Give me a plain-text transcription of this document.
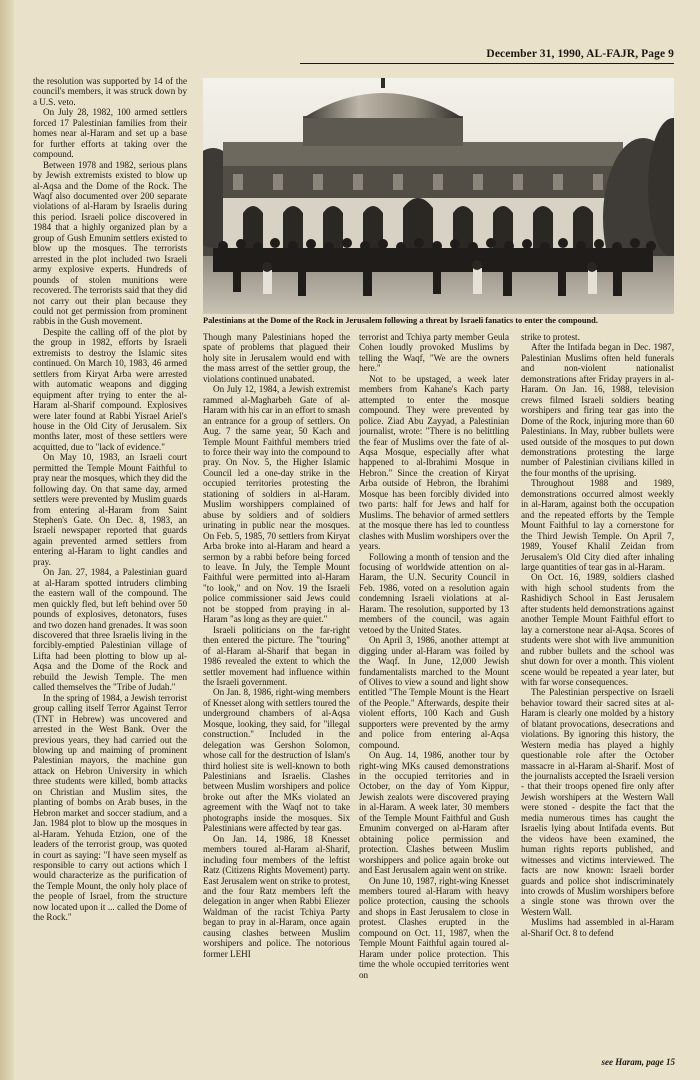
December 31, 1990, AL-FAJR, Page 9

the resolution was supported by 14 of the council's members, it was struck down by a U.S. veto.

On July 28, 1982, 100 armed settlers forced 17 Palestinian families from their homes near al-Haram and set up a base for further efforts at taking over the compound.

Between 1978 and 1982, serious plans by Jewish extremists existed to blow up al-Aqsa and the Dome of the Rock. The Waqf also documented over 200 separate violations of al-Haram by Israelis during this period. Israeli police discovered in 1984 that a highly organized plan by a group of Gush Emunim settlers existed to blow up the mosques. The terrorists arrested in the plot included two Israeli army explosive experts. Hundreds of pounds of stolen munitions were recovered. The terrorists said that they did not carry out their plan because they could not get permission from prominent rabbis in the Gush movement.

Despite the calling off of the plot by the group in 1982, efforts by Israeli extremists to destroy the Islamic sites continued. On March 10, 1983, 46 armed settlers from Kiryat Arba were arrested with automatic weapons and digging equipment after trying to enter the al-Haram al-Sharif compound. Explosives were later found at Rabbi Yisrael Ariel's house in the Old City of Jerusalem. Six months later, most of these settlers were acquitted, due to "lack of evidence."

On May 10, 1983, an Israeli court permitted the Temple Mount Faithful to pray near the mosques, which they did the following day. On that same day, armed settlers were prevented by Muslim guards from entering al-Haram from Saint Stephen's Gate. On Dec. 8, 1983, an Israeli newspaper reported that guards again prevented armed settlers from entering al-Haram to light candles and pray.

On Jan. 27, 1984, a Palestinian guard at al-Haram spotted intruders climbing the eastern wall of the compound. The men quickly fled, but left behind over 50 pounds of explosives, detonators, fuses and two dozen hand grenades. It was soon discovered that three Israelis living in the forcibly-emptied Palestinian village of Lifta had been plotting to blow up al-Aqsa and the Dome of the Rock and rebuild the Jewish Temple. The men called themselves the "Tribe of Judah."

In the spring of 1984, a Jewish terrorist group calling itself Terror Against Terror (TNT in Hebrew) was uncovered and arrested in the West Bank. Over the previous years, they had carried out the blowing up and maiming of prominent Palestinian mayors, the machine gun attack on Hebron University in which three students were killed, bomb attacks on Christian and Muslim sites, the planting of bombs on Arab buses, in the Hebron market and soccer stadium, and a Jan. 1984 plot to blow up the mosques in al-Haram. Yehuda Etzion, one of the leaders of the terrorist group, was quoted in court as saying: "I have seen myself as responsible to carry out actions which I would characterize as the purification of the Temple Mount, the only holy place of the people of Israel, from the structure now located upon it ... called the Dome of the Rock."

Palestinians at the Dome of the Rock in Jerusalem following a threat by Israeli fanatics to enter the compound.

Though many Palestinians hoped the spate of problems that plagued their holy site in Jerusalem would end with the mass arrest of the settler group, the violations continued unabated.

On July 12, 1984, a Jewish extremist rammed al-Magharbeh Gate of al-Haram with his car in an effort to smash an entrance for a group of settlers. On Aug. 7 the same year, 50 Kach and Temple Mount Faithful members tried to force their way into the compound to pray. On Nov. 5, the Higher Islamic Council led a one-day strike in the occupied territories protesting the stationing of soldiers in al-Haram. Muslim worshippers complained of abuse by soldiers and of soldiers urinating in public near the mosques. On Feb. 5, 1985, 70 settlers from Kiryat Arba broke into al-Haram and heard a sermon by a rabbi before being forced to leave. In July, the Temple Mount Faithful were permitted into al-Haram "to look," and on Nov. 19 the Israeli police commissioner said Jews could not be stopped from praying in al-Haram "as long as they are quiet."

Israeli politicians on the far-right then entered the picture. The "touring" of al-Haram al-Sharif that began in 1986 revealed the extent to which the settler movement had influence within the Israeli government.

On Jan. 8, 1986, right-wing members of Knesset along with settlers toured the underground chambers of al-Aqsa Mosque, looking, they said, for "illegal construction." Included in the delegation was Gershon Solomon, whose call for the destruction of Islam's third holiest site is well-known to both Palestinians and Israelis. Clashes between Muslim worshipers and police broke out after the MKs violated an agreement with the Waqf not to take photographs inside the mosques. Six Palestinians were affected by tear gas.

On Jan. 14, 1986, 18 Knesset members toured al-Haram al-Sharif, including four members of the leftist Ratz (Citizens Rights Movement) party. East Jerusalem went on strike to protest, and the four Ratz members left the delegation in anger when Rabbi Eliezer Waldman of the racist Tchiya Party began to pray in al-Haram, once again causing clashes between Muslim worshipers and police. The notorious former LEHI

terrorist and Tchiya party member Geula Cohen loudly provoked Muslims by telling the Waqf, "We are the owners here."

Not to be upstaged, a week later members from Kahane's Kach party attempted to enter the mosque compound. They were prevented by police. Ziad Abu Zayyad, a Palestinian journalist, wrote: "There is no belittling the fear of Muslims over the fate of al-Aqsa Mosque, especially after what happened to al-Ibrahimi Mosque in Hebron." Since the creation of Kiryat Arba outside of Hebron, the Ibrahimi Mosque has been forcibly divided into two parts: half for Jews and half for Muslims. The behavior of armed settlers at the mosque there has led to countless clashes with Muslim worshipers over the years.

Following a month of tension and the focusing of worldwide attention on al-Haram, the U.N. Security Council in Feb. 1986, voted on a resolution again condemning Israeli violations at al-Haram. The resolution, supported by 13 members of the council, was again vetoed by the United States.

On April 3, 1986, another attempt at digging under al-Haram was foiled by the Waqf. In June, 12,000 Jewish fundamentalists marched to the Mount of Olives to view a sound and light show entitled "The Temple Mount is the Heart of the People." Afterwards, despite their violent efforts, 100 Kach and Gush supporters were prevented by the army and police from entering al-Aqsa compound.

On Aug. 14, 1986, another tour by right-wing MKs caused demonstrations in the occupied territories and in October, on the day of Yom Kippur, Jewish zealots were discovered praying in al-Haram. A week later, 30 members of the Temple Mount Faithful and Gush Emunim converged on al-Haram after obtaining police permission and protection. Clashes between Muslim worshippers and police again broke out and East Jerusalem again went on strike.

On June 10, 1987, right-wing Knesset members toured al-Haram with heavy police protection, causing the schools and shops in East Jerusalem to close in protest. Clashes erupted in the compound on Oct. 11, 1987, when the Temple Mount Faithful again toured al-Haram under police protection. This time the whole occupied territories went on

strike to protest.

After the Intifada began in Dec. 1987, Palestinian Muslims often held funerals and non-violent nationalist demonstrations after Friday prayers in al-Haram. On Jan. 16, 1988, television crews filmed Israeli soldiers beating worshipers and firing tear gas into the Dome of the Rock, injuring more than 60 Palestinians. In May, rubber bullets were used outside of the mosques to put down demonstrations protesting the large number of Palestinian civilians killed in the four months of the uprising.

Throughout 1988 and 1989, demonstrations occurred almost weekly in al-Haram, against both the occupation and the repeated efforts by the Temple Mount Faithful to lay a cornerstone for the Third Jewish Temple. On April 7, 1989, Yousef Khalil Zeidan from Jerusalem's Old City died after inhaling large quantities of tear gas in al-Haram.

On Oct. 16, 1989, soldiers clashed with high school students from the Rashidiych School in East Jerusalem after students held demonstrations against another Temple Mount Faithful effort to lay a cornerstone near al-Aqsa. Scores of students were shot with live ammunition and rubber bullets and the school was shut down for over a month. This violent scene would be repeated a year later, but with far worse consequences.

The Palestinian perspective on Israeli behavior toward their sacred sites at al-Haram is clearly one molded by a history of blatant provocations, desecrations and violations. By ignoring this history, the Western media has played a highly questionable role after the October massacre in al-Haram al-Sharif. Most of the journalists accepted the Israeli version - that their troops opened fire only after Jewish worshipers at the Western Wall were stoned - despite the fact that the media numerous times has caught the Israelis lying about Intifada events. But the videos have been examined, the human rights reports published, and witnesses and victims interviewed. The facts are now known: Israeli border guards and police shot indiscriminately into crowds of Muslim worshipers before a single stone was thrown over the Western Wall.

Muslims had assembled in al-Haram al-Sharif Oct. 8 to defend

see Haram, page 15
